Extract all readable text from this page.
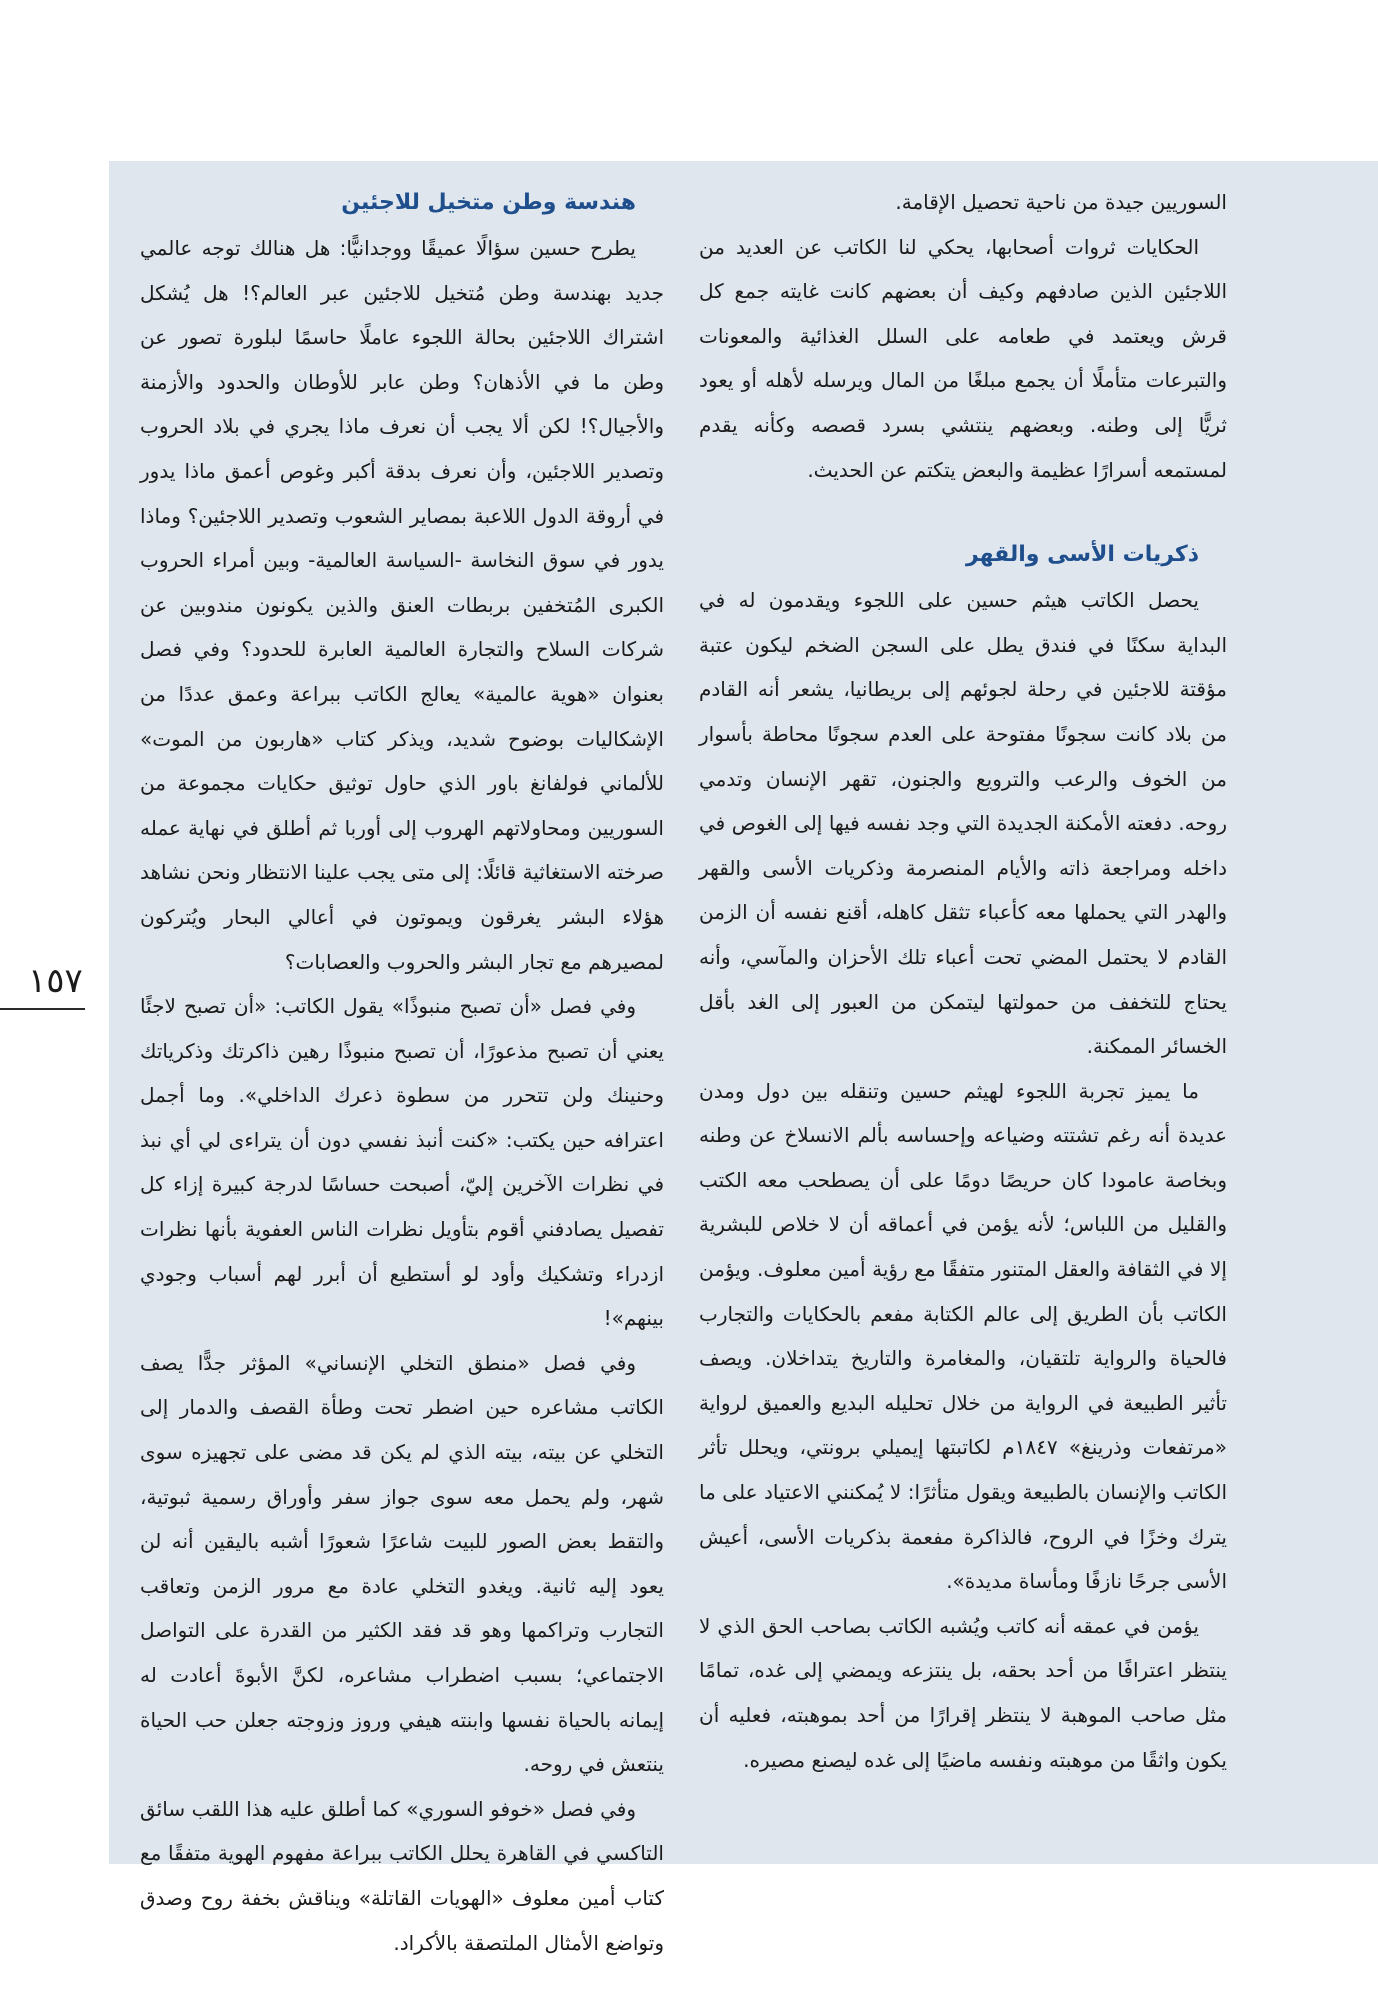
السوريين جيدة من ناحية تحصيل الإقامة.

الحكايات ثروات أصحابها، يحكي لنا الكاتب عن العديد من اللاجئين الذين صادفهم وكيف أن بعضهم كانت غايته جمع كل قرش ويعتمد في طعامه على السلل الغذائية والمعونات والتبرعات متأملًا أن يجمع مبلغًا من المال ويرسله لأهله أو يعود ثريًّا إلى وطنه. وبعضهم ينتشي بسرد قصصه وكأنه يقدم لمستمعه أسرارًا عظيمة والبعض يتكتم عن الحديث.

ذكريات الأسى والقهر

يحصل الكاتب هيثم حسين على اللجوء ويقدمون له في البداية سكنًا في فندق يطل على السجن الضخم ليكون عتبة مؤقتة للاجئين في رحلة لجوئهم إلى بريطانيا، يشعر أنه القادم من بلاد كانت سجونًا مفتوحة على العدم سجونًا محاطة بأسوار من الخوف والرعب والترويع والجنون، تقهر الإنسان وتدمي روحه. دفعته الأمكنة الجديدة التي وجد نفسه فيها إلى الغوص في داخله ومراجعة ذاته والأيام المنصرمة وذكريات الأسى والقهر والهدر التي يحملها معه كأعباء تثقل كاهله، أقنع نفسه أن الزمن القادم لا يحتمل المضي تحت أعباء تلك الأحزان والمآسي، وأنه يحتاج للتخفف من حمولتها ليتمكن من العبور إلى الغد بأقل الخسائر الممكنة.

ما يميز تجربة اللجوء لهيثم حسين وتنقله بين دول ومدن عديدة أنه رغم تشتته وضياعه وإحساسه بألم الانسلاخ عن وطنه وبخاصة عامودا كان حريصًا دومًا على أن يصطحب معه الكتب والقليل من اللباس؛ لأنه يؤمن في أعماقه أن لا خلاص للبشرية إلا في الثقافة والعقل المتنور متفقًا مع رؤية أمين معلوف. ويؤمن الكاتب بأن الطريق إلى عالم الكتابة مفعم بالحكايات والتجارب فالحياة والرواية تلتقيان، والمغامرة والتاريخ يتداخلان. ويصف تأثير الطبيعة في الرواية من خلال تحليله البديع والعميق لرواية «مرتفعات وذرينغ» ١٨٤٧م لكاتبتها إيميلي برونتي، ويحلل تأثر الكاتب والإنسان بالطبيعة ويقول متأثرًا: لا يُمكنني الاعتياد على ما يترك وخزًا في الروح، فالذاكرة مفعمة بذكريات الأسى، أعيش الأسى جرحًا نازفًا ومأساة مديدة».

يؤمن في عمقه أنه كاتب ويُشبه الكاتب بصاحب الحق الذي لا ينتظر اعترافًا من أحد بحقه، بل ينتزعه ويمضي إلى غده، تمامًا مثل صاحب الموهبة لا ينتظر إقرارًا من أحد بموهبته، فعليه أن يكون واثقًا من موهبته ونفسه ماضيًا إلى غده ليصنع مصيره.

هندسة وطن متخيل للاجئين

يطرح حسين سؤالًا عميقًا ووجدانيًّا: هل هنالك توجه عالمي جديد بهندسة وطن مُتخيل للاجئين عبر العالم؟! هل يُشكل اشتراك اللاجئين بحالة اللجوء عاملًا حاسمًا لبلورة تصور عن وطن ما في الأذهان؟ وطن عابر للأوطان والحدود والأزمنة والأجيال؟! لكن ألا يجب أن نعرف ماذا يجري في بلاد الحروب وتصدير اللاجئين، وأن نعرف بدقة أكبر وغوص أعمق ماذا يدور في أروقة الدول اللاعبة بمصاير الشعوب وتصدير اللاجئين؟ وماذا يدور في سوق النخاسة -السياسة العالمية- وبين أمراء الحروب الكبرى المُتخفين بربطات العنق والذين يكونون مندوبين عن شركات السلاح والتجارة العالمية العابرة للحدود؟ وفي فصل بعنوان «هوية عالمية» يعالج الكاتب ببراعة وعمق عددًا من الإشكاليات بوضوح شديد، ويذكر كتاب «هاربون من الموت» للألماني فولفانغ باور الذي حاول توثيق حكايات مجموعة من السوريين ومحاولاتهم الهروب إلى أوربا ثم أطلق في نهاية عمله صرخته الاستغاثية قائلًا: إلى متى يجب علينا الانتظار ونحن نشاهد هؤلاء البشر يغرقون ويموتون في أعالي البحار ويُتركون لمصيرهم مع تجار البشر والحروب والعصابات؟

وفي فصل «أن تصبح منبوذًا» يقول الكاتب: «أن تصبح لاجئًا يعني أن تصبح مذعورًا، أن تصبح منبوذًا رهين ذاكرتك وذكرياتك وحنينك ولن تتحرر من سطوة ذعرك الداخلي». وما أجمل اعترافه حين يكتب: «كنت أنبذ نفسي دون أن يتراءى لي أي نبذ في نظرات الآخرين إليّ، أصبحت حساسًا لدرجة كبيرة إزاء كل تفصيل يصادفني أقوم بتأويل نظرات الناس العفوية بأنها نظرات ازدراء وتشكيك وأود لو أستطيع أن أبرر لهم أسباب وجودي بينهم»!

وفي فصل «منطق التخلي الإنساني» المؤثر جدًّا يصف الكاتب مشاعره حين اضطر تحت وطأة القصف والدمار إلى التخلي عن بيته، بيته الذي لم يكن قد مضى على تجهيزه سوى شهر، ولم يحمل معه سوى جواز سفر وأوراق رسمية ثبوتية، والتقط بعض الصور للبيت شاعرًا شعورًا أشبه باليقين أنه لن يعود إليه ثانية. ويغدو التخلي عادة مع مرور الزمن وتعاقب التجارب وتراكمها وهو قد فقد الكثير من القدرة على التواصل الاجتماعي؛ بسبب اضطراب مشاعره، لكنَّ الأبوةَ أعادت له إيمانه بالحياة نفسها وابنته هيفي وروز وزوجته جعلن حب الحياة ينتعش في روحه.

وفي فصل «خوفو السوري» كما أطلق عليه هذا اللقب سائق التاكسي في القاهرة يحلل الكاتب ببراعة مفهوم الهوية متفقًا مع كتاب أمين معلوف «الهويات القاتلة» ويناقش بخفة روح وصدق وتواضع الأمثال الملتصقة بالأكراد.

١٥٧
